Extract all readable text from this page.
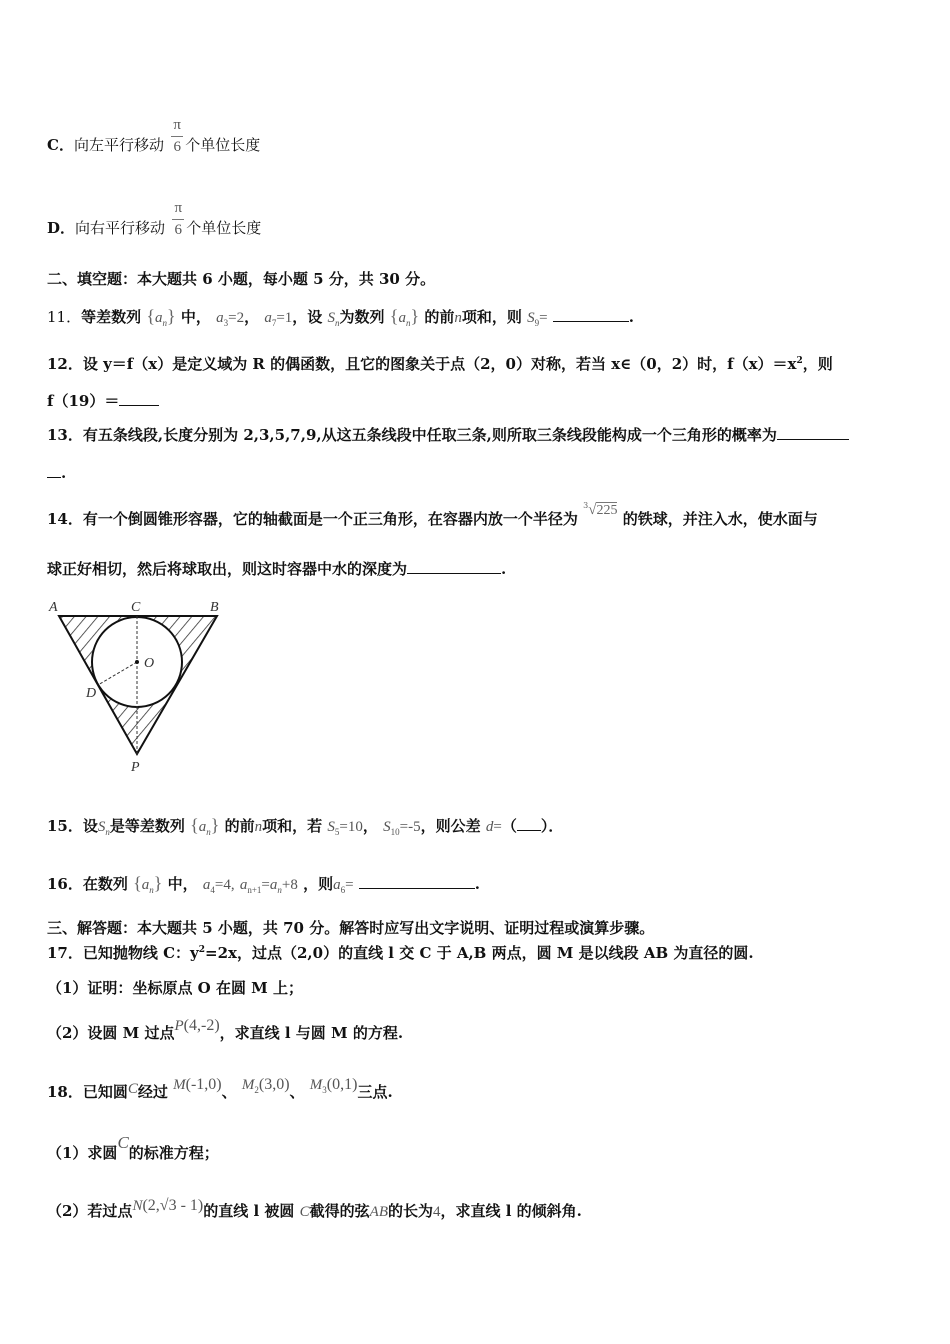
C．向左平行移动 $\frac{\pi}{6}$ 个单位长度
D．向右平行移动 $\frac{\pi}{6}$ 个单位长度
二、填空题：本大题共 6 小题，每小题 5 分，共 30 分。
11．等差数列 $\{a_n\}$ 中， $a_3=2$， $a_7=1$，设 $S_n$为数列 $\{a_n\}$ 的前n项和，则 $S_9=$	.
12．设 y＝f（x）是定义域为 R 的偶函数，且它的图象关于点（2，0）对称，若当 x∈（0，2）时，$f(x)=x^2$，则
f（19）＝
13．有五条线段,长度分别为 2,3,5,7,9,从这五条线段中任取三条,则所取三条线段能构成一个三角形的概率为
.
14．有一个倒圆锥形容器，它的轴截面是一个正三角形，在容器内放一个半径为 $^3$√225 的铁球，并注入水，使水面与
球正好相切，然后将球取出，则这时容器中水的深度为	.
A	C	B
O
D
P
15．设$S_n$是等差数列 $\{a_n\}$ 的前n项和，若 $S_5=10$， $S_{10}=-5$，则公差 d=（ ）．
16．在数列 $\{a_n\}$ 中， $a_4=4$, $a_{n+1}=a_n+8$ ，则$a_6=$	.
三、解答题：本大题共 5 小题，共 70 分。解答时应写出文字说明、证明过程或演算步骤。
17．已知抛物线 C：$y^2=2x$，过点（2,0）的直线 l 交 C 于 A,B 两点，圆 M 是以线段 AB 为直径的圆.
（1）证明：坐标原点 O 在圆 M 上；
（2）设圆 M 过点P(4,-2)，求直线 l 与圆 M 的方程.
18．已知圆C经过 M(-1,0)、 $M^2(3,0)$、 $M^3(0,1)$三点.
（1）求圆C的标准方程；
（2）若过点N(2,√3 - 1)的直线 l 被圆 C截得的弦AB的长为4，求直线 l 的倾斜角.
